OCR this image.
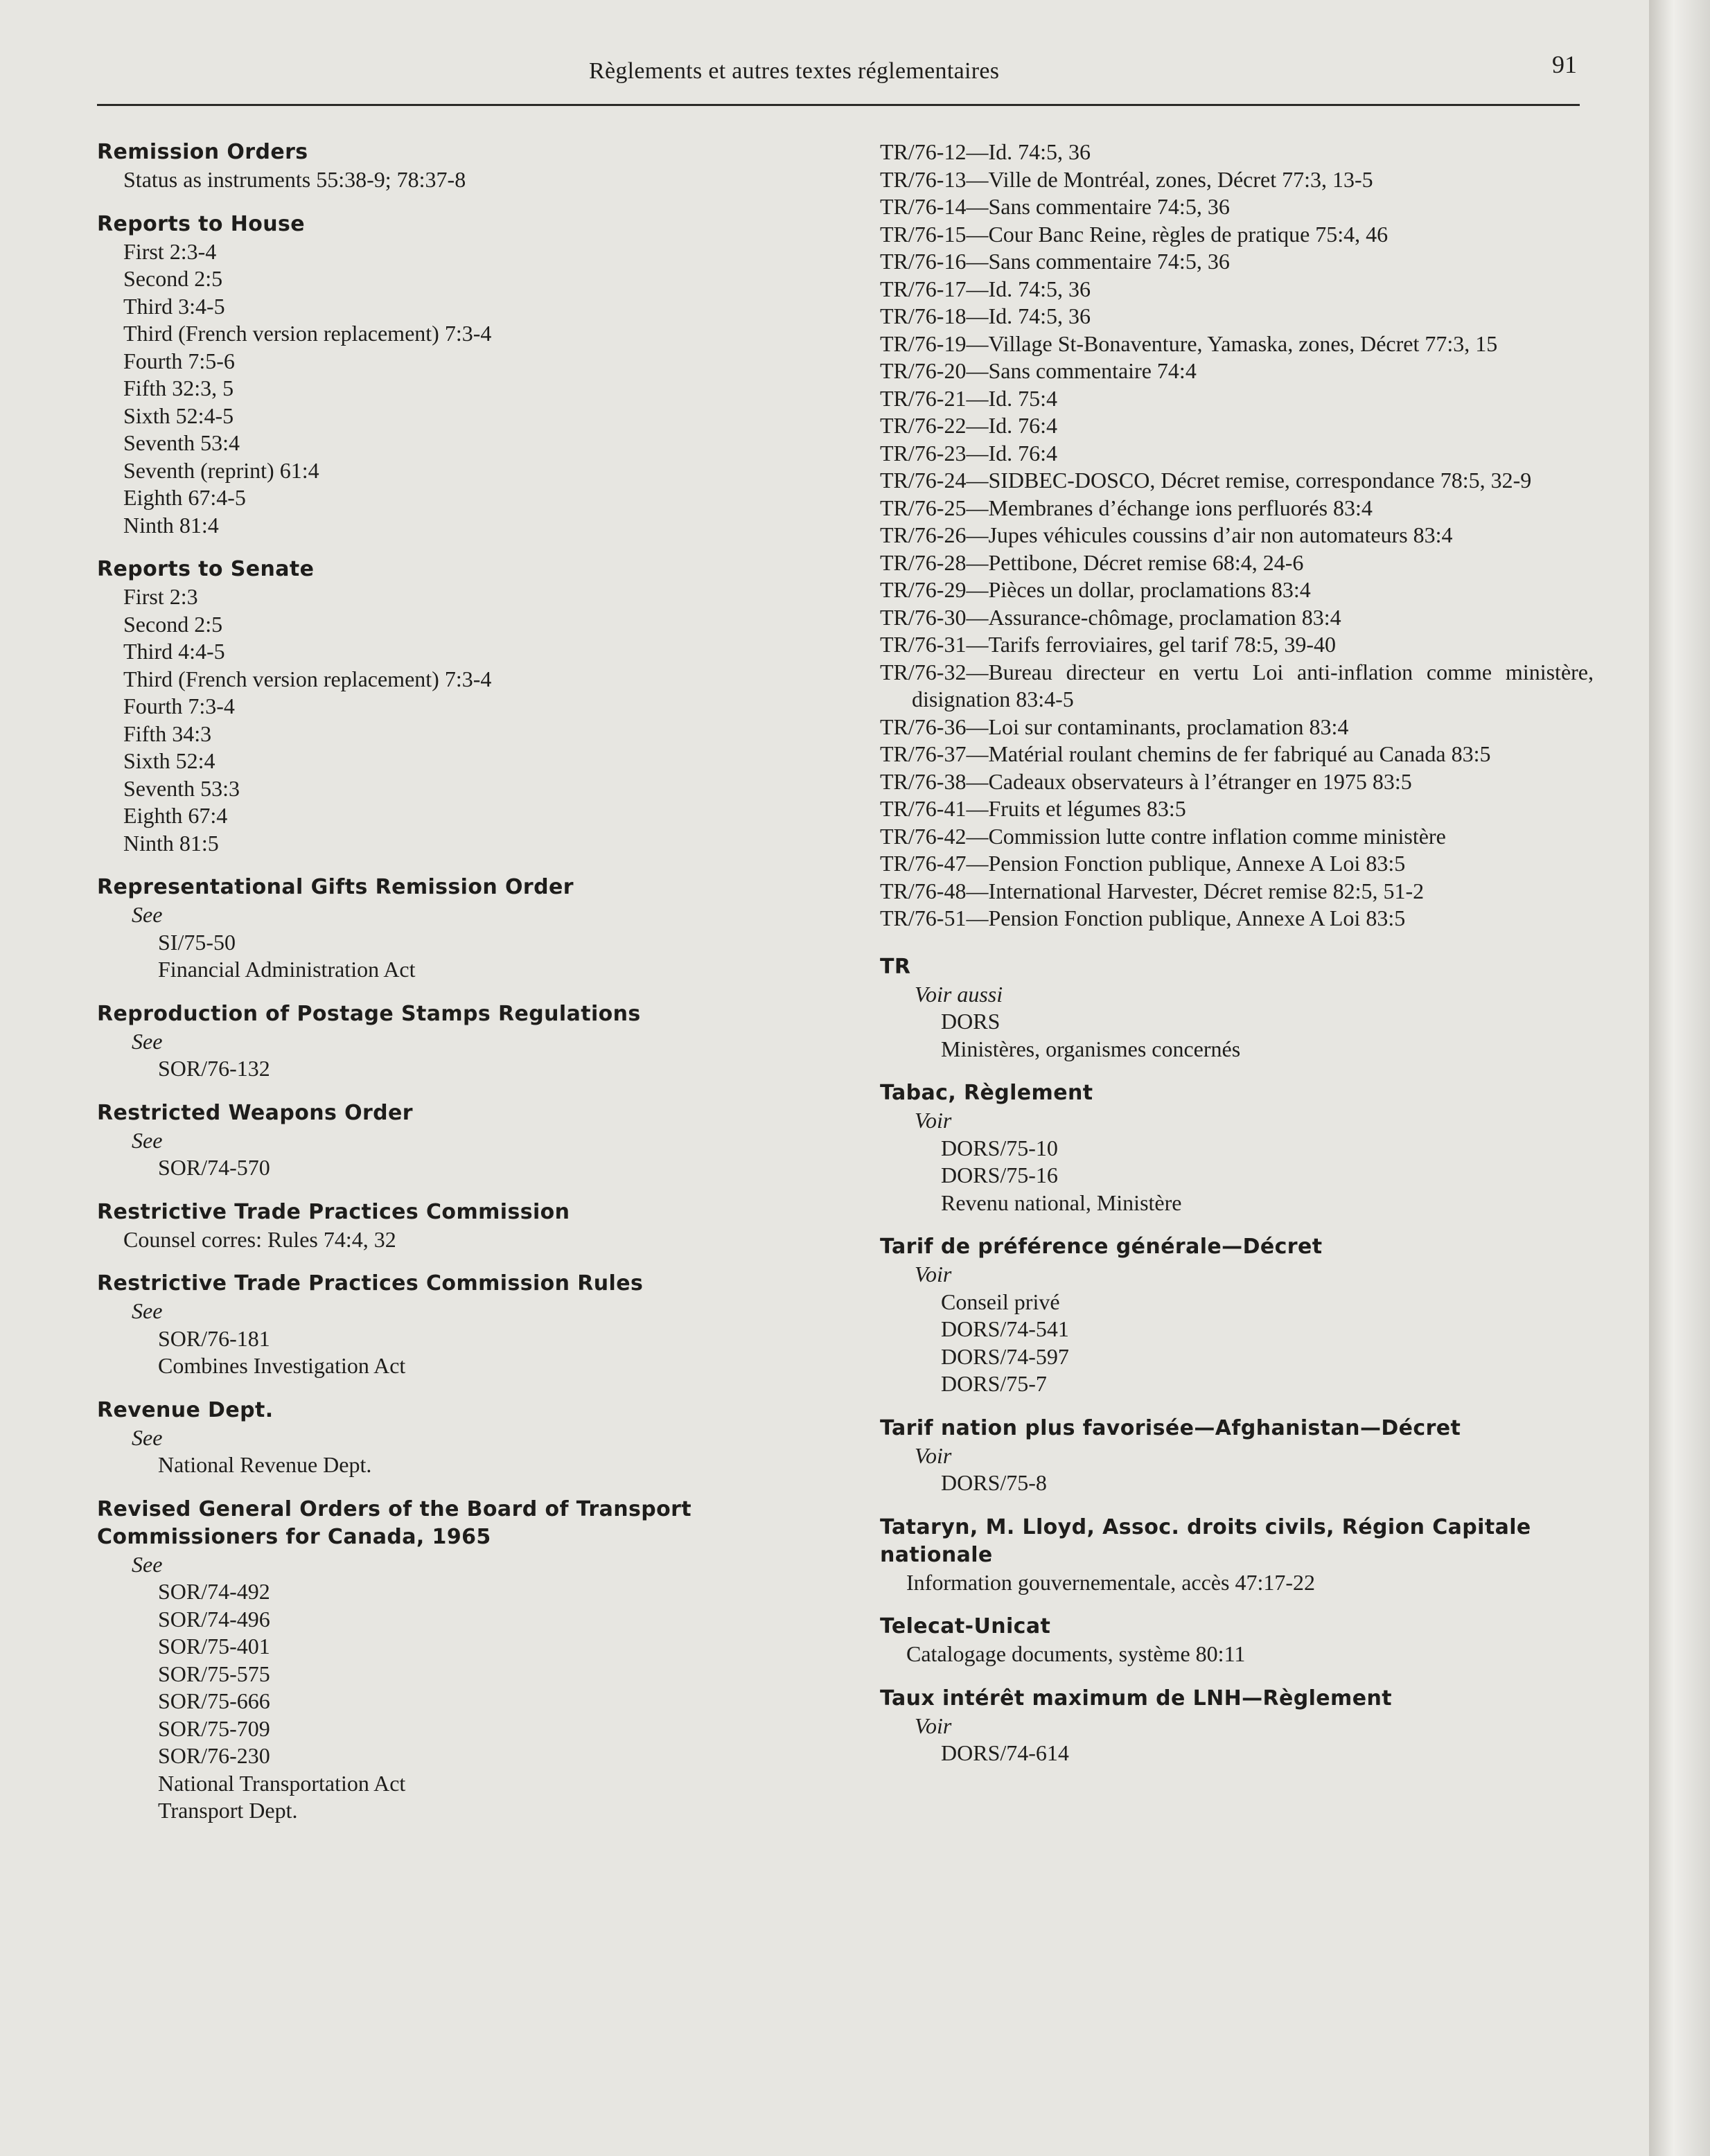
Règlements et autres textes réglementaires	91
Remission Orders
Status as instruments 55:38-9; 78:37-8
Reports to House
First 2:3-4
Second 2:5
Third 3:4-5
Third (French version replacement) 7:3-4
Fourth 7:5-6
Fifth 32:3, 5
Sixth 52:4-5
Seventh 53:4
Seventh (reprint) 61:4
Eighth 67:4-5
Ninth 81:4
Reports to Senate
First 2:3
Second 2:5
Third 4:4-5
Third (French version replacement) 7:3-4
Fourth 7:3-4
Fifth 34:3
Sixth 52:4
Seventh 53:3
Eighth 67:4
Ninth 81:5
Representational Gifts Remission Order
See
SI/75-50
Financial Administration Act
Reproduction of Postage Stamps Regulations
See
SOR/76-132
Restricted Weapons Order
See
SOR/74-570
Restrictive Trade Practices Commission
Counsel corres: Rules 74:4, 32
Restrictive Trade Practices Commission Rules
See
SOR/76-181
Combines Investigation Act
Revenue Dept.
See
National Revenue Dept.
Revised General Orders of the Board of Transport Commissioners for Canada, 1965
See
SOR/74-492
SOR/74-496
SOR/75-401
SOR/75-575
SOR/75-666
SOR/75-709
SOR/76-230
National Transportation Act
Transport Dept.
TR/76-12—Id. 74:5, 36
TR/76-13—Ville de Montréal, zones, Décret 77:3, 13-5
TR/76-14—Sans commentaire 74:5, 36
TR/76-15—Cour Banc Reine, règles de pratique 75:4, 46
TR/76-16—Sans commentaire 74:5, 36
TR/76-17—Id. 74:5, 36
TR/76-18—Id. 74:5, 36
TR/76-19—Village St-Bonaventure, Yamaska, zones, Décret 77:3, 15
TR/76-20—Sans commentaire 74:4
TR/76-21—Id. 75:4
TR/76-22—Id. 76:4
TR/76-23—Id. 76:4
TR/76-24—SIDBEC-DOSCO, Décret remise, correspondance 78:5, 32-9
TR/76-25—Membranes d’échange ions perfluorés 83:4
TR/76-26—Jupes véhicules coussins d’air non automateurs 83:4
TR/76-28—Pettibone, Décret remise 68:4, 24-6
TR/76-29—Pièces un dollar, proclamations 83:4
TR/76-30—Assurance-chômage, proclamation 83:4
TR/76-31—Tarifs ferroviaires, gel tarif 78:5, 39-40
TR/76-32—Bureau directeur en vertu Loi anti-inflation comme ministère, disignation 83:4-5
TR/76-36—Loi sur contaminants, proclamation 83:4
TR/76-37—Matérial roulant chemins de fer fabriqué au Canada 83:5
TR/76-38—Cadeaux observateurs à l’étranger en 1975 83:5
TR/76-41—Fruits et légumes 83:5
TR/76-42—Commission lutte contre inflation comme ministère
TR/76-47—Pension Fonction publique, Annexe A Loi 83:5
TR/76-48—International Harvester, Décret remise 82:5, 51-2
TR/76-51—Pension Fonction publique, Annexe A Loi 83:5
TR
Voir aussi
DORS
Ministères, organismes concernés
Tabac, Règlement
Voir
DORS/75-10
DORS/75-16
Revenu national, Ministère
Tarif de préférence générale—Décret
Voir
Conseil privé
DORS/74-541
DORS/74-597
DORS/75-7
Tarif nation plus favorisée—Afghanistan—Décret
Voir
DORS/75-8
Tataryn, M. Lloyd, Assoc. droits civils, Région Capitale nationale
Information gouvernementale, accès 47:17-22
Telecat-Unicat
Catalogage documents, système 80:11
Taux intérêt maximum de LNH—Règlement
Voir
DORS/74-614
